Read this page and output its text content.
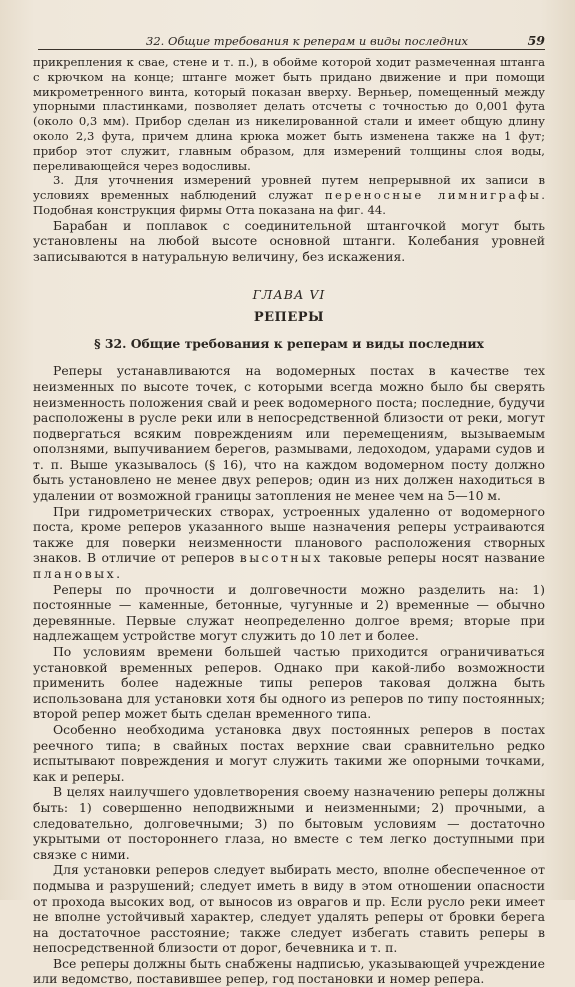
32. Общие требования к реперам и виды последних	59

прикрепления к свае, стене и т. п.), в обойме которой ходит размеченная штанга с крючком на конце; штанге может быть придано движение и при помощи микрометренного винта, который показан вверху. Верньер, помещенный между упорными пластинками, позволяет делать отсчеты с точностью до 0,001 фута (около 0,3 мм). Прибор сделан из никелированной стали и имеет общую длину около 2,3 фута, причем длина крюка может быть изменена также на 1 фут; прибор этот служит, главным образом, для измерений толщины слоя воды, переливающейся через водосливы.

3. Для уточнения измерений уровней путем непрерывной их записи в условиях временных наблюдений служат переносные лимниграфы. Подобная конструкция фирмы Отта показана на фиг. 44.

Барабан и поплавок с соединительной штангочкой могут быть установлены на любой высоте основной штанги. Колебания уровней записываются в натуральную величину, без искажения.

ГЛАВА VI
РЕПЕРЫ
§ 32. Общие требования к реперам и виды последних

Реперы устанавливаются на водомерных постах в качестве тех неизменных по высоте точек, с которыми всегда можно было бы сверять неизменность положения свай и реек водомерного поста; последние, будучи расположены в русле реки или в непосредственной близости от реки, могут подвергаться всяким повреждениям или перемещениям, вызываемым оползнями, выпучиванием берегов, размывами, ледоходом, ударами судов и т. п. Выше указывалось (§ 16), что на каждом водомерном посту должно быть установлено не менее двух реперов; один из них должен находиться в удалении от возможной границы затопления не менее чем на 5—10 м.

При гидрометрических створах, устроенных удаленно от водомерного поста, кроме реперов указанного выше назначения реперы устраиваются также для поверки неизменности планового расположения створных знаков. В отличие от реперов высотных таковые реперы носят название плановых.

Реперы по прочности и долговечности можно разделить на: 1) постоянные — каменные, бетонные, чугунные и 2) временные — обычно деревянные. Первые служат неопределенно долгое время; вторые при надлежащем устройстве могут служить до 10 лет и более.

По условиям времени большей частью приходится ограничиваться установкой временных реперов. Однако при какой-либо возможности применить более надежные типы реперов таковая должна быть использована для установки хотя бы одного из реперов по типу постоянных; второй репер может быть сделан временного типа.

Особенно необходима установка двух постоянных реперов в постах реечного типа; в свайных постах верхние сваи сравнительно редко испытывают повреждения и могут служить такими же опорными точками, как и реперы.

В целях наилучшего удовлетворения своему назначению реперы должны быть: 1) совершенно неподвижными и неизменными; 2) прочными, а следовательно, долговечными; 3) по бытовым условиям — достаточно укрытыми от постороннего глаза, но вместе с тем легко доступными при связке с ними.

Для установки реперов следует выбирать место, вполне обеспеченное от подмыва и разрушений; следует иметь в виду в этом отношении опасности от прохода высоких вод, от выносов из оврагов и пр. Если русло реки имеет не вполне устойчивый характер, следует удалять реперы от бровки берега на достаточное расстояние; также следует избегать ставить реперы в непосредственной близости от дорог, бечевника и т. п.

Все реперы должны быть снабжены надписью, указывающей учреждение или ведомство, поставившее репер, год постановки и номер репера.
